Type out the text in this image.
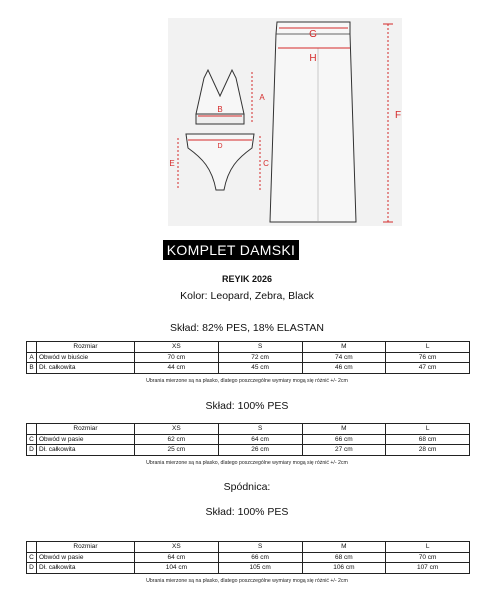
G
H
F
B
A
D
E	C
KOMPLET DAMSKI
REYIK 2026
Kolor: Leopard, Zebra, Black
Skład: 82% PES, 18% ELASTAN
	Rozmiar	XS	S	M	L
A	Obwód w biuście	70 cm	72 cm	74 cm	76 cm
B	Dł. całkowita	44 cm	45 cm	46 cm	47 cm
Ubrania mierzone są na płasko, dlatego poszczególne wymiary mogą się różnić +/- 2cm
Skład: 100% PES
	Rozmiar	XS	S	M	L
C	Obwód w pasie	62 cm	64 cm	66 cm	68 cm
D	Dł. całkowita	25 cm	26 cm	27 cm	28 cm
Ubrania mierzone są na płasko, dlatego poszczególne wymiary mogą się różnić +/- 2cm
Spódnica:
Skład: 100% PES
	Rozmiar	XS	S	M	L
C	Obwód w pasie	64 cm	66 cm	68 cm	70 cm
D	Dł. całkowita	104 cm	105 cm	106 cm	107 cm
Ubrania mierzone są na płasko, dlatego poszczególne wymiary mogą się różnić +/- 2cm
